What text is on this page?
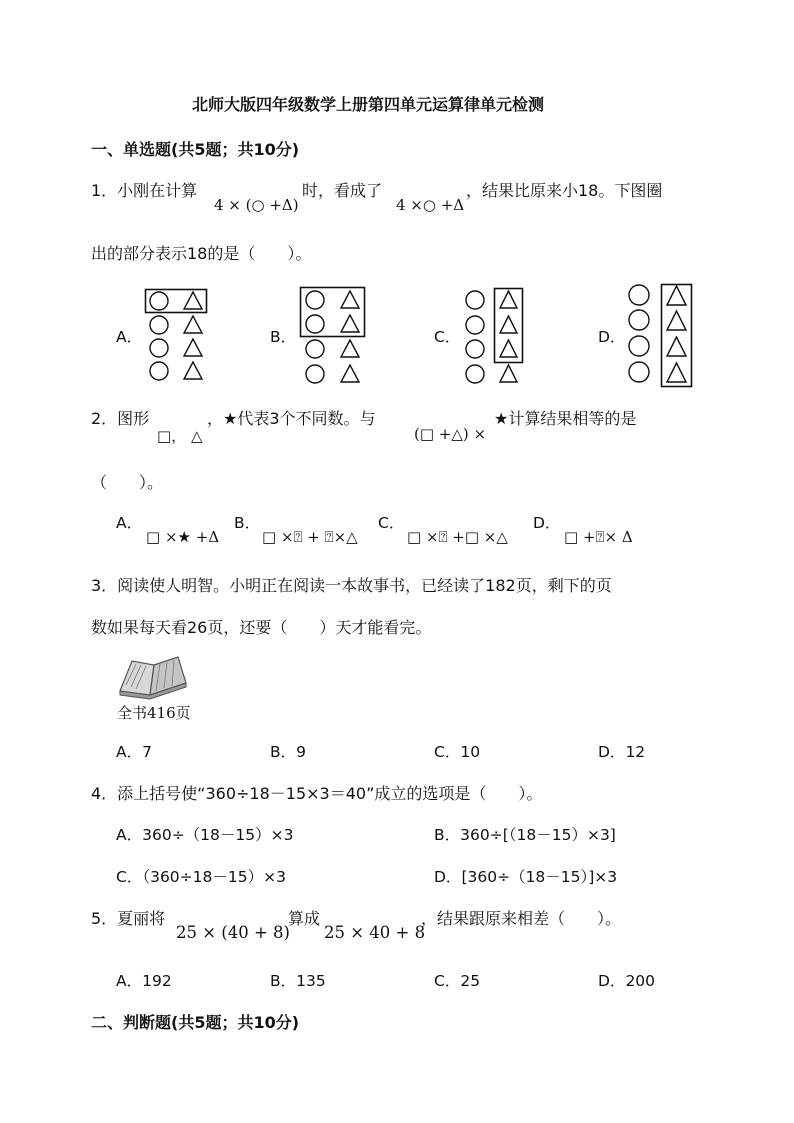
北师大版四年级数学上册第四单元运算律单元检测
一、单选题(共5题；共10分)
1．小刚在计算
4 × (○ +Δ)
时，看成了
4 ×○ +Δ
，结果比原来小18。下图圈
出的部分表示18的是（　　）。
A．	B．	C．	D．
2．图形
□， △
，★代表3个不同数。与
(□ +△) ×
★计算结果相等的是
（　　）。
A．
□ ×★ +Δ
B．
□ ×⍰ + ⍰×△
C．
□ ×⍰ +□ ×△
D．
□ +⍰× Δ
3．阅读使人明智。小明正在阅读一本故事书，已经读了182页，剩下的页
数如果每天看26页，还要（　　）天才能看完。
全书416页
A．7	B．9	C．10	D．12
4．添上括号使“360÷18－15×3＝40”成立的选项是（　　）。
A．360÷（18－15）×3	B．360÷[（18－15）×3]
C．（360÷18－15）×3	D．[360÷（18－15）]×3
5．夏丽将
25 × (40 + 8)
算成
25 × 40 + 8
，结果跟原来相差（　　）。
A．192	B．135	C．25	D．200
二、判断题(共5题；共10分)
